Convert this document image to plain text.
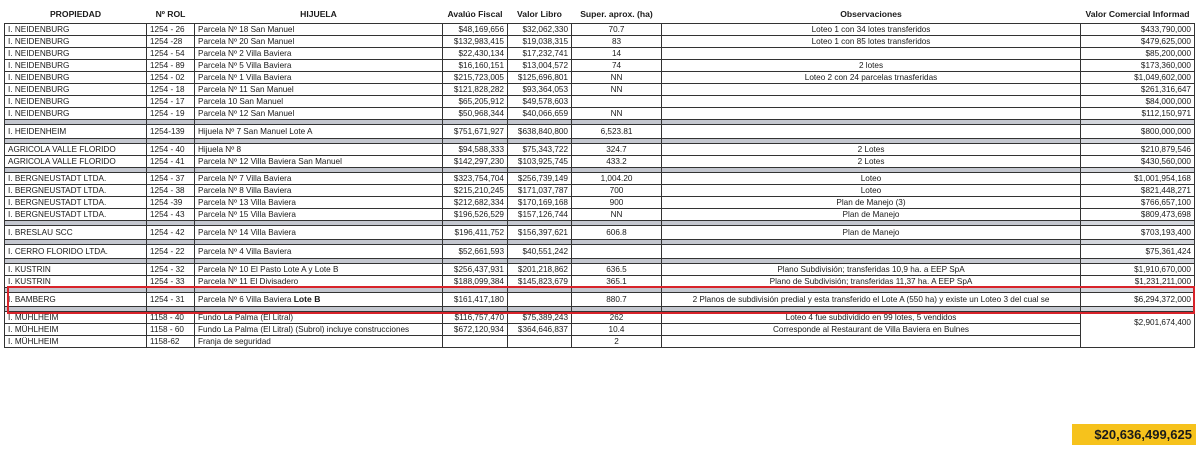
PROPIEDAD	Nº ROL	HIJUELA	Avalúo Fiscal	Valor Libro	Super. aprox. (ha)	Observaciones	Valor Comercial Informad
I. NEIDENBURG	1254 - 26	Parcela Nº 18 San Manuel	$48,169,656	$32,062,330	70.7	Loteo 1 con 34 lotes transferidos	$433,790,000
I. NEIDENBURG	1254 -28	Parcela Nº 20 San Manuel	$132,983,415	$19,038,315	83	Loteo 1 con 85 lotes transferidos	$479,625,000
I. NEIDENBURG	1254 - 54	Parcela Nº 2 Villa Baviera	$22,430,134	$17,232,741	14		$85,200,000
I. NEIDENBURG	1254 - 89	Parcela Nº 5 Villa Baviera	$16,160,151	$13,004,572	74	2 lotes	$173,360,000
I. NEIDENBURG	1254 - 02	Parcela Nº 1 Villa Baviera	$215,723,005	$125,696,801	NN	Loteo 2 con 24 parcelas trnasferidas	$1,049,602,000
I. NEIDENBURG	1254 - 18	Parcela Nº 11 San Manuel	$121,828,282	$93,364,053	NN		$261,316,647
I. NEIDENBURG	1254 - 17	Parcela 10 San Manuel	$65,205,912	$49,578,603			$84,000,000
I. NEIDENBURG	1254 - 19	Parcela Nº 12 San Manuel	$50,968,344	$40,066,659	NN		$112,150,971

I. HEIDENHEIM	1254-139	Hijuela Nº 7 San Manuel Lote A	$751,671,927	$638,840,800	6,523.81		$800,000,000

AGRICOLA VALLE FLORIDO	1254 - 40	Hijuela Nº 8	$94,588,333	$75,343,722	324.7	2 Lotes	$210,879,546
AGRICOLA VALLE FLORIDO	1254 - 41	Parcela Nº 12 Villa Baviera San Manuel	$142,297,230	$103,925,745	433.2	2 Lotes	$430,560,000

I. BERGNEUSTADT LTDA.	1254 - 37	Parcela Nº 7 Villa Baviera	$323,754,704	$256,739,149	1,004.20	Loteo	$1,001,954,168
I. BERGNEUSTADT LTDA.	1254 - 38	Parcela Nº 8 Villa Baviera	$215,210,245	$171,037,787	700	Loteo	$821,448,271
I. BERGNEUSTADT LTDA.	1254 -39	Parcela Nº 13 Villa Baviera	$212,682,334	$170,169,168	900	Plan de Manejo (3)	$766,657,100
I. BERGNEUSTADT LTDA.	1254 - 43	Parcela Nº 15 Villa Baviera	$196,526,529	$157,126,744	NN	Plan de Manejo	$809,473,698

I. BRESLAU SCC	1254 - 42	Parcela Nº 14 Villa Baviera	$196,411,752	$156,397,621	606.8	Plan de Manejo	$703,193,400

I. CERRO FLORIDO LTDA.	1254 - 22	Parcela Nº 4 Villa Baviera	$52,661,593	$40,551,242			$75,361,424

I. KUSTRIN	1254 - 32	Parcela Nº 10 El Pasto Lote A y Lote B	$256,437,931	$201,218,862	636.5	Plano Subdivisión; transferidas 10,9 ha. a EEP SpA	$1,910,670,000
I. KUSTRIN	1254 - 33	Parcela Nº 11 El Divisadero	$188,099,384	$145,823,679	365.1	Plano de Subdivisión; transferidas 11,37 ha. A EEP SpA	$1,231,211,000

I. BAMBERG	1254 - 31	Parcela Nº 6 Villa Baviera Lote B	$161,417,180		880.7	2 Planos de subdivisión predial y esta transferido el Lote A (550 ha) y existe un Loteo 3 del cual se	$6,294,372,000

I. MÜHLHEIM	1158 - 40	Fundo La Palma (El Litral)	$116,757,470	$75,389,243	262	Loteo 4 fue subdividido en 99 lotes, 5 vendidos	$2,901,674,400
I. MÜHLHEIM	1158 - 60	Fundo La Palma (El Litral) (Subrol) incluye construcciones	$672,120,934	$364,646,837	10.4	Corresponde al Restaurant de Villa Baviera en Bulnes	
I. MÜHLHEIM	1158-62	Franja de seguridad			2		
$20,636,499,625
